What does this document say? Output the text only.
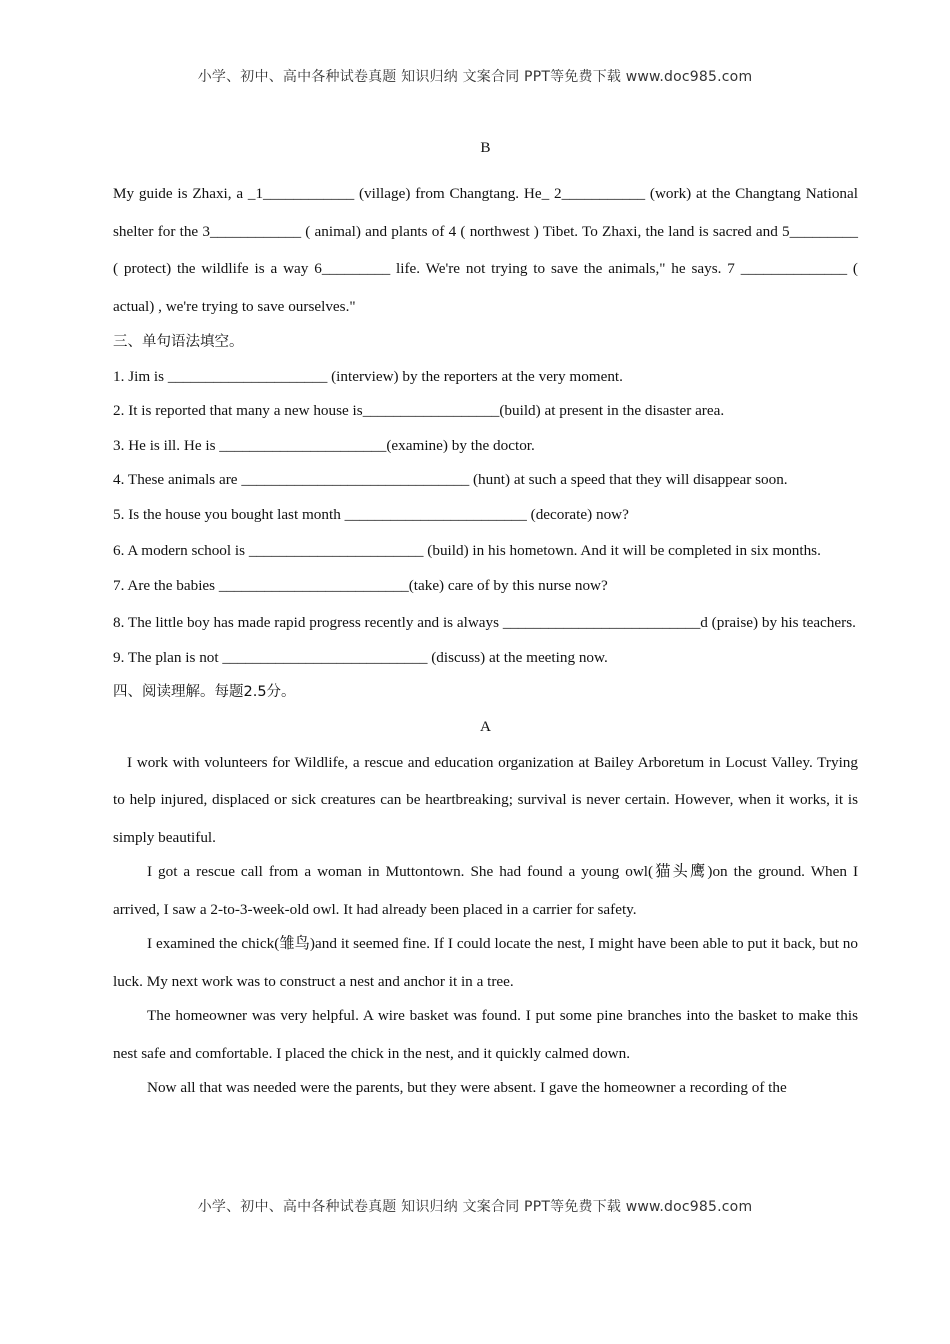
小学、初中、高中各种试卷真题 知识归纳 文案合同 PPT等免费下载 www.doc985.com

B

My guide is Zhaxi, a _1____________ (village) from Changtang. He_ 2___________ (work) at the Changtang National shelter for the 3____________ ( animal) and plants of 4 ( northwest ) Tibet. To Zhaxi, the land is sacred and 5_________ ( protect) the wildlife is a way 6_________ life. We're not trying to save the animals," he says. 7 ______________ ( actual) , we're trying to save ourselves."

三、单句语法填空。

1. Jim is _____________________ (interview) by the reporters at the very moment.

2. It is reported that many a new house is__________________(build) at present in the disaster area.

3. He is ill. He is ______________________(examine) by the doctor.

4. These animals are ______________________________ (hunt) at such a speed that they will disappear soon.

5. Is the house you bought last month ________________________ (decorate) now?

6. A modern school is _______________________ (build) in his hometown. And it will be completed in six months.

7. Are the babies _________________________(take) care of by this nurse now?

8. The little boy has made rapid progress recently and is always __________________________d (praise) by his teachers.

9. The plan is not ___________________________ (discuss) at the meeting now.

四、阅读理解。每题2.5分。

A

I work with volunteers for Wildlife, a rescue and education organization at Bailey Arboretum in Locust Valley. Trying to help injured, displaced or sick creatures can be heartbreaking; survival is never certain. However, when it works, it is simply beautiful.

I got a rescue call from a woman in Muttontown. She had found a young owl(猫头鹰)on the ground. When I arrived, I saw a 2-to-3-week-old owl. It had already been placed in a carrier for safety.

I examined the chick(雏鸟)and it seemed fine. If I could locate the nest, I might have been able to put it back, but no luck. My next work was to construct a nest and anchor it in a tree.

The homeowner was very helpful. A wire basket was found. I put some pine branches into the basket to make this nest safe and comfortable. I placed the chick in the nest, and it quickly calmed down.

Now all that was needed were the parents, but they were absent. I gave the homeowner a recording of the

小学、初中、高中各种试卷真题 知识归纳 文案合同 PPT等免费下载 www.doc985.com
